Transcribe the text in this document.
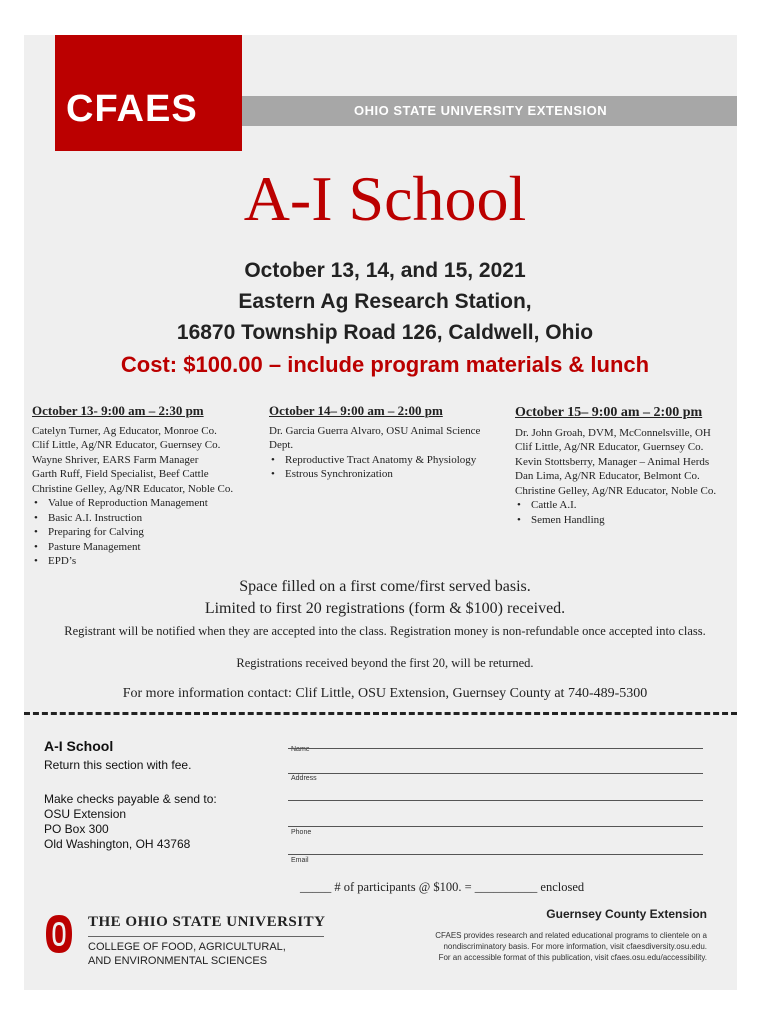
CFAES	OHIO STATE UNIVERSITY EXTENSION
A-I School
October 13, 14, and 15, 2021
Eastern Ag Research Station,
16870 Township Road 126, Caldwell, Ohio
Cost: $100.00 – include program materials & lunch
October 13- 9:00 am – 2:30 pm
Catelyn Turner, Ag Educator, Monroe Co.
Clif Little, Ag/NR Educator, Guernsey Co.
Wayne Shriver, EARS Farm Manager
Garth Ruff, Field Specialist, Beef Cattle
Christine Gelley, Ag/NR Educator, Noble Co.
• Value of Reproduction Management
• Basic A.I. Instruction
• Preparing for Calving
• Pasture Management
• EPD’s
October 14– 9:00 am – 2:00 pm
Dr. Garcia Guerra Alvaro, OSU Animal Science
Dept.
• Reproductive Tract Anatomy & Physiology
• Estrous Synchronization
October 15– 9:00 am – 2:00 pm
Dr. John Groah, DVM, McConnelsville, OH
Clif Little, Ag/NR Educator, Guernsey Co.
Kevin Stottsberry, Manager – Animal Herds
Dan Lima, Ag/NR Educator, Belmont Co.
Christine Gelley, Ag/NR Educator, Noble Co.
• Cattle A.I.
• Semen Handling
Space filled on a first come/first served basis.
Limited to first 20 registrations (form & $100) received.
Registrant will be notified when they are accepted into the class. Registration money is non-refundable once accepted into class.
Registrations received beyond the first 20, will be returned.
For more information contact: Clif Little, OSU Extension, Guernsey County at 740-489-5300
A-I School
Return this section with fee.
Make checks payable & send to:
OSU Extension
PO Box 300
Old Washington, OH 43768
Name
Address
Phone
Email
_____ # of participants @ $100. = __________ enclosed
THE OHIO STATE UNIVERSITY
COLLEGE OF FOOD, AGRICULTURAL,
AND ENVIRONMENTAL SCIENCES
Guernsey County Extension
CFAES provides research and related educational programs to clientele on a
nondiscriminatory basis. For more information, visit cfaesdiversity.osu.edu.
For an accessible format of this publication, visit cfaes.osu.edu/accessibility.
